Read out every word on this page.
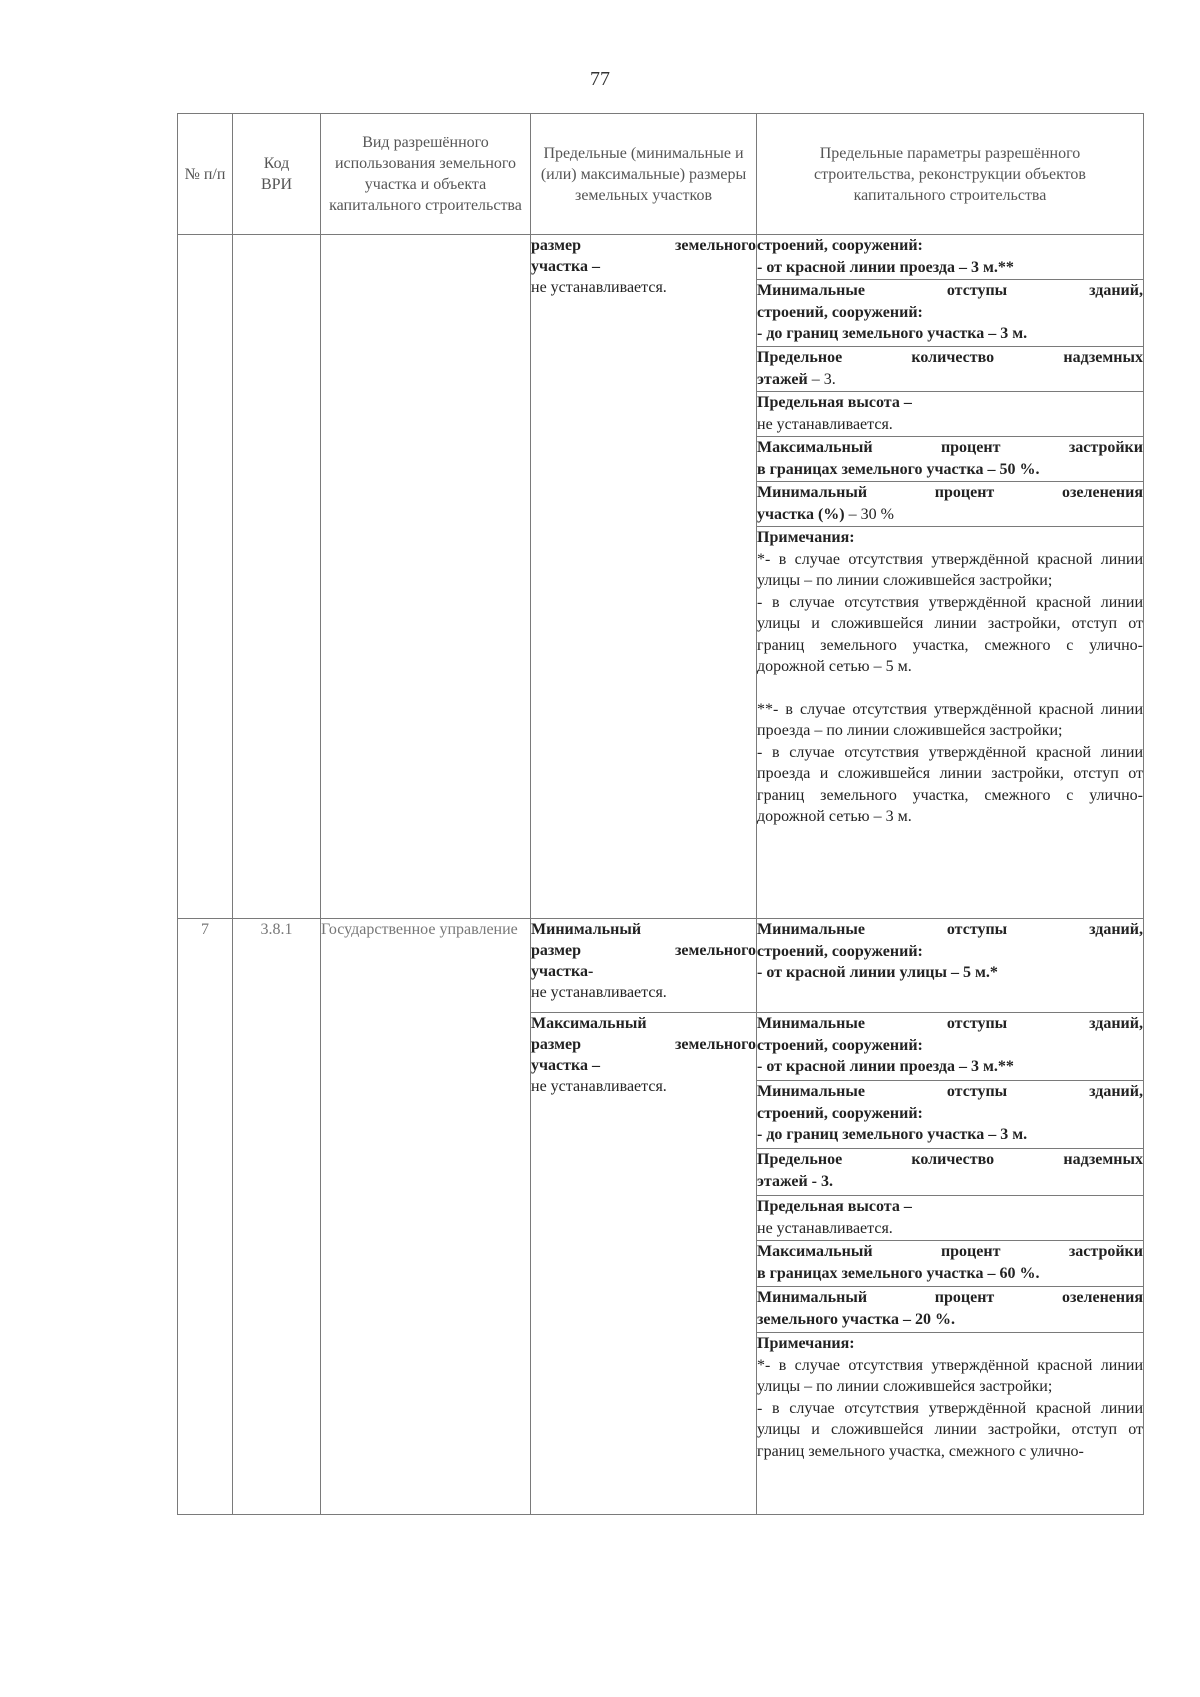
77
№ п/п	Код ВРИ	Вид разрешённого использования земельного участка и объекта капитального строительства	Предельные (минимальные и (или) максимальные) размеры земельных участков	Предельные параметры разрешённого строительства, реконструкции объектов капитального строительства

			размер земельного
участка –
не устанавливается.	строений, сооружений:
- от красной линии проезда – 3 м.**

				Минимальные отступы зданий,
строений, сооружений:
- до границ земельного участка – 3 м.

				Предельное количество надземных
этажей – 3.

				Предельная высота –
не устанавливается.

				Максимальный процент застройки
в границах земельного участка – 50 %.

				Минимальный процент озеленения
участка (%) – 30 %

				Примечания:
*- в случае отсутствия утверждённой красной линии улицы – по линии сложившейся застройки;
- в случае отсутствия утверждённой красной линии улицы и сложившейся линии застройки, отступ от границ земельного участка, смежного с улично-дорожной сетью – 5 м.
**- в случае отсутствия утверждённой красной линии проезда – по линии сложившейся застройки;
- в случае отсутствия утверждённой красной линии проезда и сложившейся линии застройки, отступ от границ земельного участка, смежного с улично-дорожной сетью – 3 м.

7	3.8.1	Государственное управление	Минимальный
размер земельного
участка-
не устанавливается.	Минимальные отступы зданий,
строений, сооружений:
- от красной линии улицы – 5 м.*

			Максимальный
размер земельного
участка –
не устанавливается.	Минимальные отступы зданий,
строений, сооружений:
- от красной линии проезда – 3 м.**

				Минимальные отступы зданий,
строений, сооружений:
- до границ земельного участка – 3 м.

				Предельное количество надземных
этажей - 3.

				Предельная высота –
не устанавливается.

				Максимальный процент застройки
в границах земельного участка – 60 %.

				Минимальный процент озеленения
земельного участка – 20 %.

				Примечания:
*- в случае отсутствия утверждённой красной линии улицы – по линии сложившейся застройки;
- в случае отсутствия утверждённой красной линии улицы и сложившейся линии застройки, отступ от границ земельного участка, смежного с улично-
